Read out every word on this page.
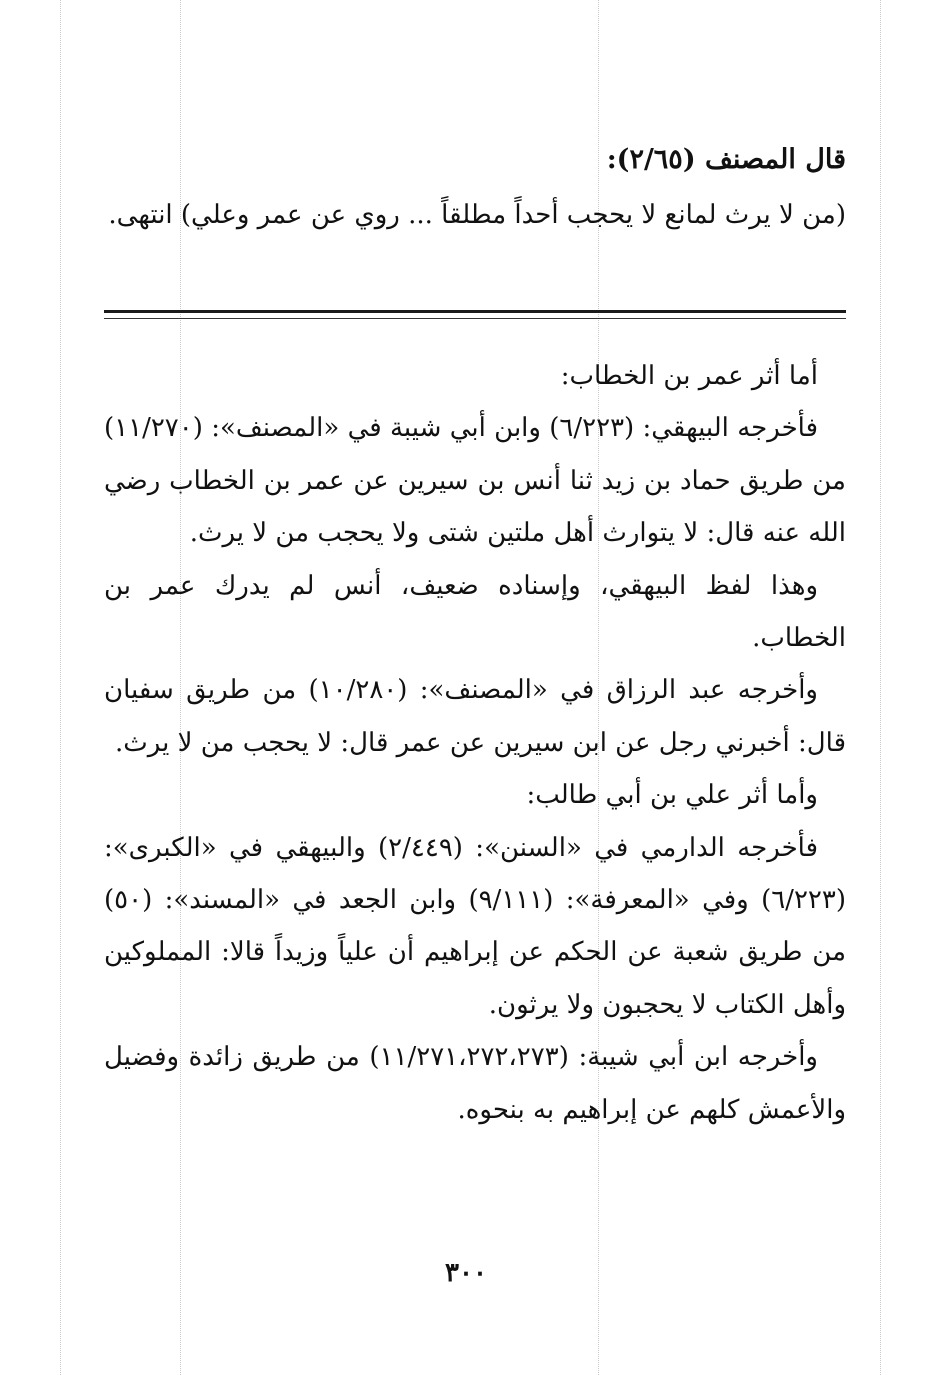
قال المصنف (٢/٦٥):
(من لا يرث لمانع لا يحجب أحداً مطلقاً ... روي عن عمر وعلي) انتهى.

أما أثر عمر بن الخطاب:

فأخرجه البيهقي: (٦/٢٢٣) وابن أبي شيبة في «المصنف»: (١١/٢٧٠) من طريق حماد بن زيد ثنا أنس بن سيرين عن عمر بن الخطاب رضي الله عنه قال: لا يتوارث أهل ملتين شتى ولا يحجب من لا يرث.

وهذا لفظ البيهقي، وإسناده ضعيف، أنس لم يدرك عمر بن الخطاب.

وأخرجه عبد الرزاق في «المصنف»: (١٠/٢٨٠) من طريق سفيان قال: أخبرني رجل عن ابن سيرين عن عمر قال: لا يحجب من لا يرث.

وأما أثر علي بن أبي طالب:

فأخرجه الدارمي في «السنن»: (٢/٤٤٩) والبيهقي في «الكبرى»: (٦/٢٢٣) وفي «المعرفة»: (٩/١١١) وابن الجعد في «المسند»: (٥٠) من طريق شعبة عن الحكم عن إبراهيم أن علياً وزيداً قالا: المملوكين وأهل الكتاب لا يحجبون ولا يرثون.

وأخرجه ابن أبي شيبة: (١١/٢٧١،٢٧٢،٢٧٣) من طريق زائدة وفضيل والأعمش كلهم عن إبراهيم به بنحوه.

٣٠٠
